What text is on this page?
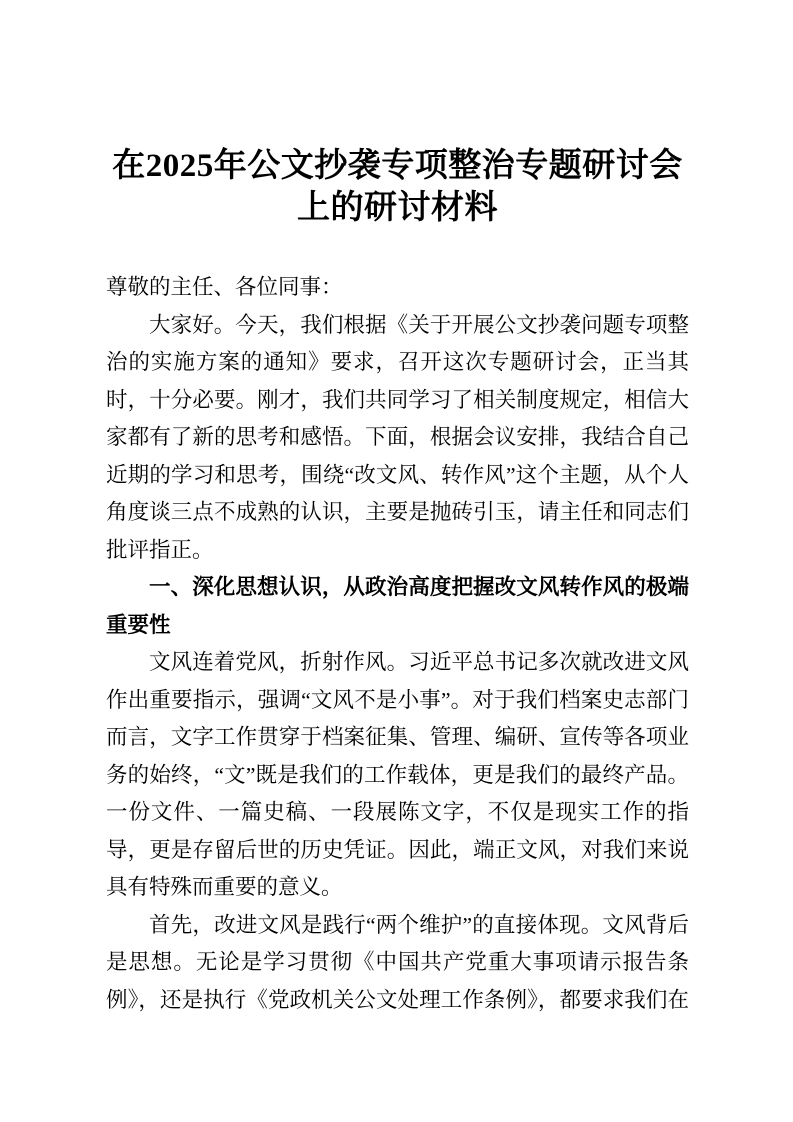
在2025年公文抄袭专项整治专题研讨会上的研讨材料

尊敬的主任、各位同事：

大家好。今天，我们根据《关于开展公文抄袭问题专项整治的实施方案的通知》要求，召开这次专题研讨会，正当其时，十分必要。刚才，我们共同学习了相关制度规定，相信大家都有了新的思考和感悟。下面，根据会议安排，我结合自己近期的学习和思考，围绕“改文风、转作风”这个主题，从个人角度谈三点不成熟的认识，主要是抛砖引玉，请主任和同志们批评指正。

一、深化思想认识，从政治高度把握改文风转作风的极端重要性

文风连着党风，折射作风。习近平总书记多次就改进文风作出重要指示，强调“文风不是小事”。对于我们档案史志部门而言，文字工作贯穿于档案征集、管理、编研、宣传等各项业务的始终，“文”既是我们的工作载体，更是我们的最终产品。一份文件、一篇史稿、一段展陈文字，不仅是现实工作的指导，更是存留后世的历史凭证。因此，端正文风，对我们来说具有特殊而重要的意义。

首先，改进文风是践行“两个维护”的直接体现。文风背后是思想。无论是学习贯彻《中国共产党重大事项请示报告条例》，还是执行《党政机关公文处理工作条例》，都要求我们在
